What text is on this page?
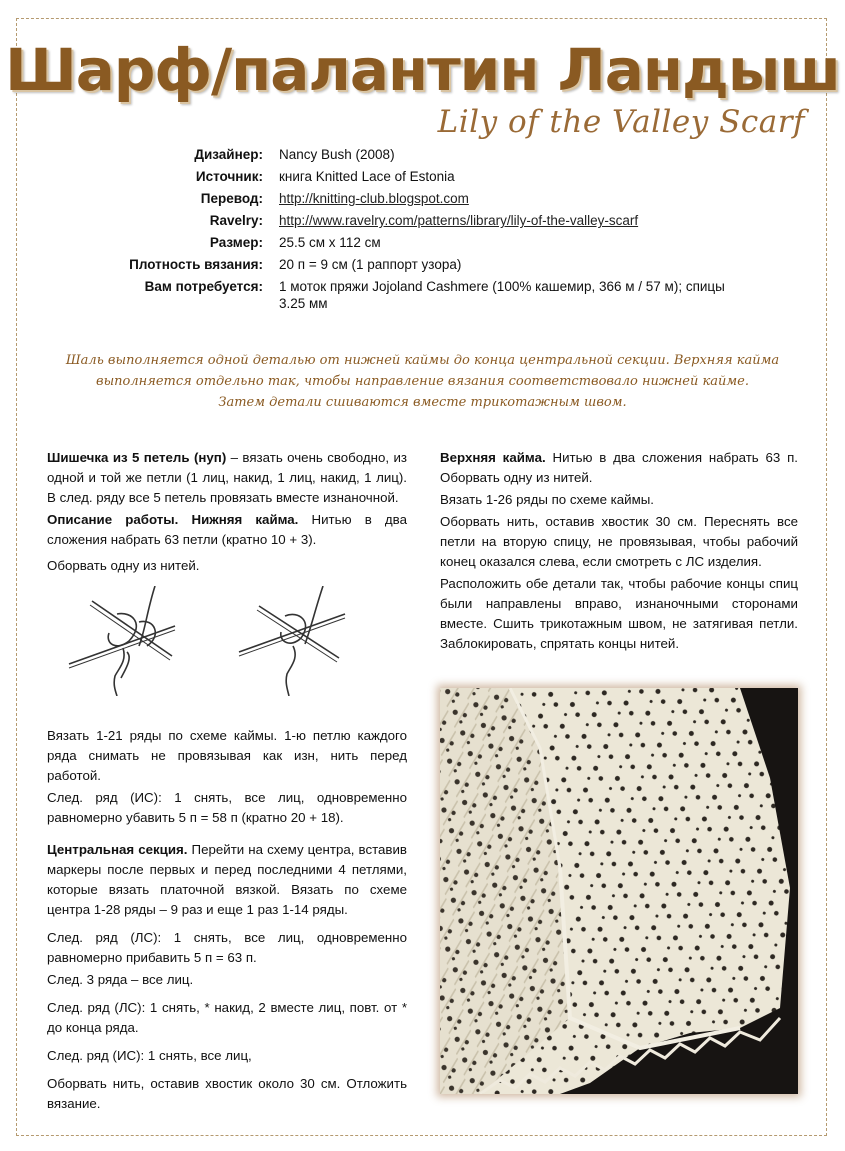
Шарф/палантин Ландыш
Lily of the Valley Scarf
Дизайнер:	Nancy Bush (2008)
Источник:	книга Knitted Lace of Estonia
Перевод:	http://knitting-club.blogspot.com
Ravelry:	http://www.ravelry.com/patterns/library/lily-of-the-valley-scarf
Размер:	25.5 см х 112 см
Плотность вязания:	20 п = 9 см (1 раппорт узора)
Вам потребуется:	1 моток пряжи Jojoland Cashmere (100% кашемир, 366 м / 57 м); спицы 3.25 мм
Шаль выполняется одной деталью от нижней каймы до конца центральной секции. Верхняя кайма
выполняется отдельно так, чтобы направление вязания соответствовало нижней кайме.
Затем детали сшиваются вместе трикотажным швом.

Шишечка из 5 петель (нуп) – вязать очень свободно, из одной и той же петли (1 лиц, накид, 1 лиц, накид, 1 лиц). В след. ряду все 5 петель провязать вместе изнаночной.

Описание работы. Нижняя кайма. Нитью в два сложения набрать 63 петли (кратно 10 + 3).

Оборвать одну из нитей.

Вязать 1-21 ряды по схеме каймы. 1-ю петлю каждого ряда снимать не провязывая как изн, нить перед работой.

След. ряд (ИС): 1 снять, все лиц, одновременно равномерно убавить 5 п = 58 п (кратно 20 + 18).

Центральная секция. Перейти на схему центра, вставив маркеры после первых и перед последними 4 петлями, которые вязать платочной вязкой. Вязать по схеме центра 1-28 ряды – 9 раз и еще 1 раз 1-14 ряды.

След. ряд (ЛС): 1 снять, все лиц, одновременно равномерно прибавить 5 п = 63 п.

След. 3 ряда – все лиц.

След. ряд (ЛС): 1 снять, * накид, 2 вместе лиц, повт. от * до конца ряда.

След. ряд (ИС): 1 снять, все лиц,

Оборвать нить, оставив хвостик около 30 см. Отложить вязание.

Верхняя кайма. Нитью в два сложения набрать 63 п. Оборвать одну из нитей.

Вязать 1-26 ряды по схеме каймы.

Оборвать нить, оставив хвостик 30 см. Переснять все петли на вторую спицу, не провязывая, чтобы рабочий конец оказался слева, если смотреть с ЛС изделия.

Расположить обе детали так, чтобы рабочие концы спиц были направлены вправо, изнаночными сторонами вместе. Сшить трикотажным швом, не затягивая петли. Заблокировать, спрятать концы нитей.
